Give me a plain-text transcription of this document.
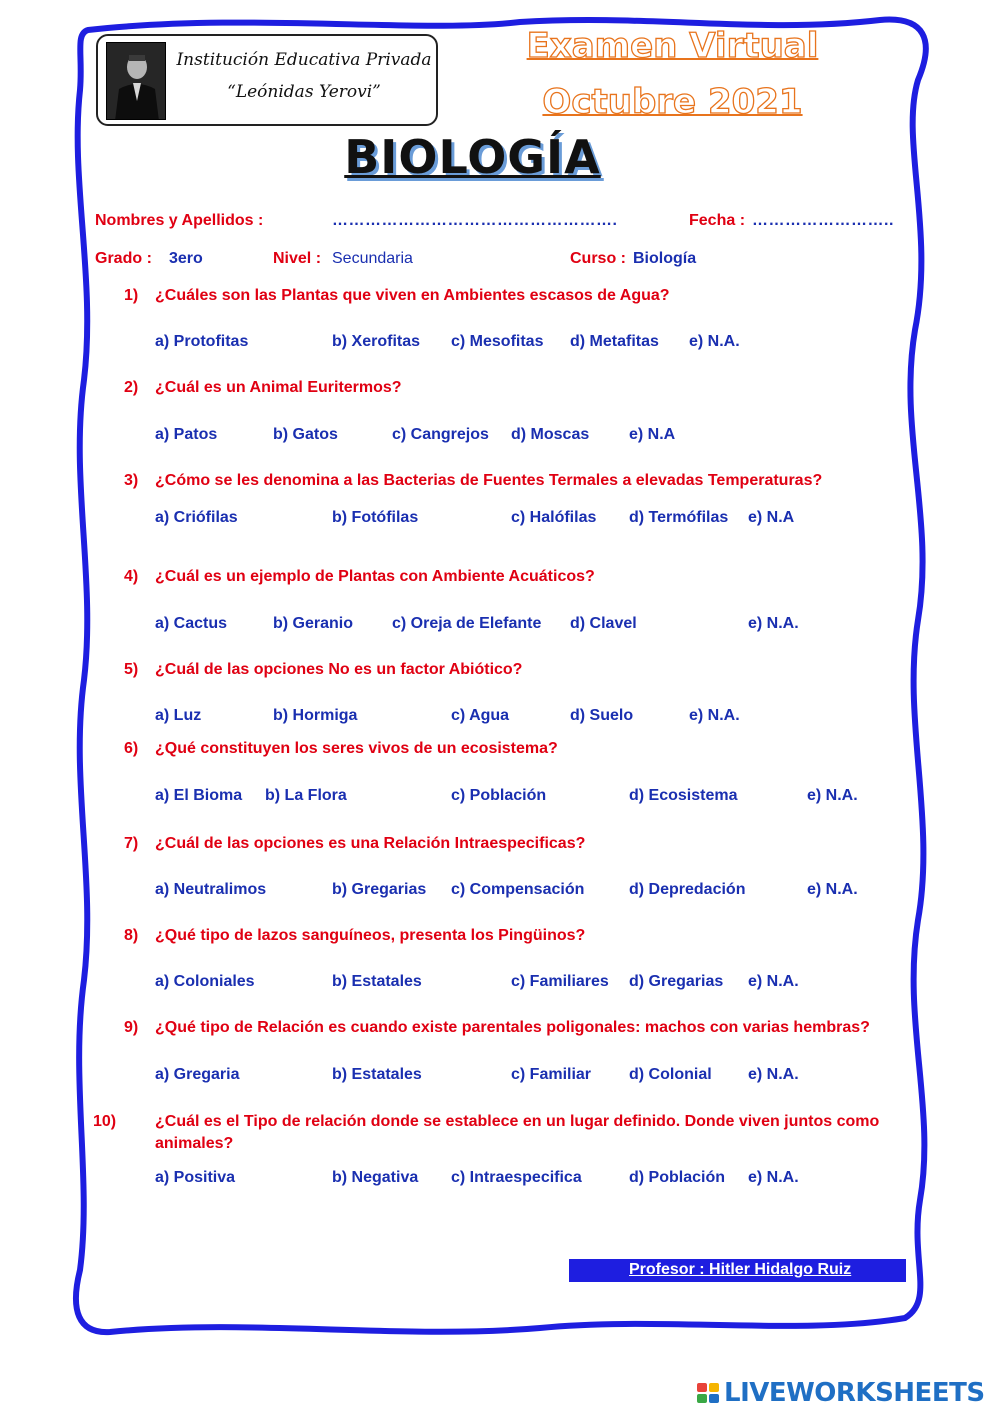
Institución Educativa Privada
“Leónidas Yerovi”
Examen Virtual
Octubre 2021
BIOLOGÍA
Nombres y Apellidos :	…………………………………………….	Fecha : ……………………..
Grado : 3ero	Nivel : Secundaria	Curso : Biología
1) ¿Cuáles son las Plantas que viven en Ambientes escasos de Agua?
a) Protofitas	b) Xerofitas c) Mesofitas d) Metafitas e) N.A.
2) ¿Cuál es un Animal Euritermos?
a) Patos	b) Gatos	c) Cangrejos d) Moscas e) N.A
3) ¿Cómo se les denomina a las Bacterias de Fuentes Termales a elevadas Temperaturas?
a) Criófilas	b) Fotófilas	c) Halófilas d) Termófilas e) N.A
4) ¿Cuál es un ejemplo de Plantas con Ambiente Acuáticos?
a) Cactus	b) Geranio c) Oreja de Elefante d) Clavel	e) N.A.
5) ¿Cuál de las opciones No es un factor Abiótico?
a) Luz	b) Hormiga	c) Agua	d) Suelo	e) N.A.
6) ¿Qué constituyen los seres vivos de un ecosistema?
a) El Bioma b) La Flora	c) Población	d) Ecosistema	e) N.A.
7) ¿Cuál de las opciones es una Relación Intraespecificas?
a) Neutralimos	b) Gregarias c) Compensación	d) Depredación	e) N.A.
8) ¿Qué tipo de lazos sanguíneos, presenta los Pingüinos?
a) Coloniales	b) Estatales	c) Familiares d) Gregarias e) N.A.
9) ¿Qué tipo de Relación es cuando existe parentales poligonales: machos con varias hembras?
a) Gregaria	b) Estatales	c) Familiar d) Colonial e) N.A.
10) ¿Cuál es el Tipo de relación donde se establece en un lugar definido. Donde viven juntos como animales?
a) Positiva	b) Negativa c) Intraespecifica	d) Población e) N.A.
Profesor : Hitler Hidalgo Ruiz
LIVEWORKSHEETS
